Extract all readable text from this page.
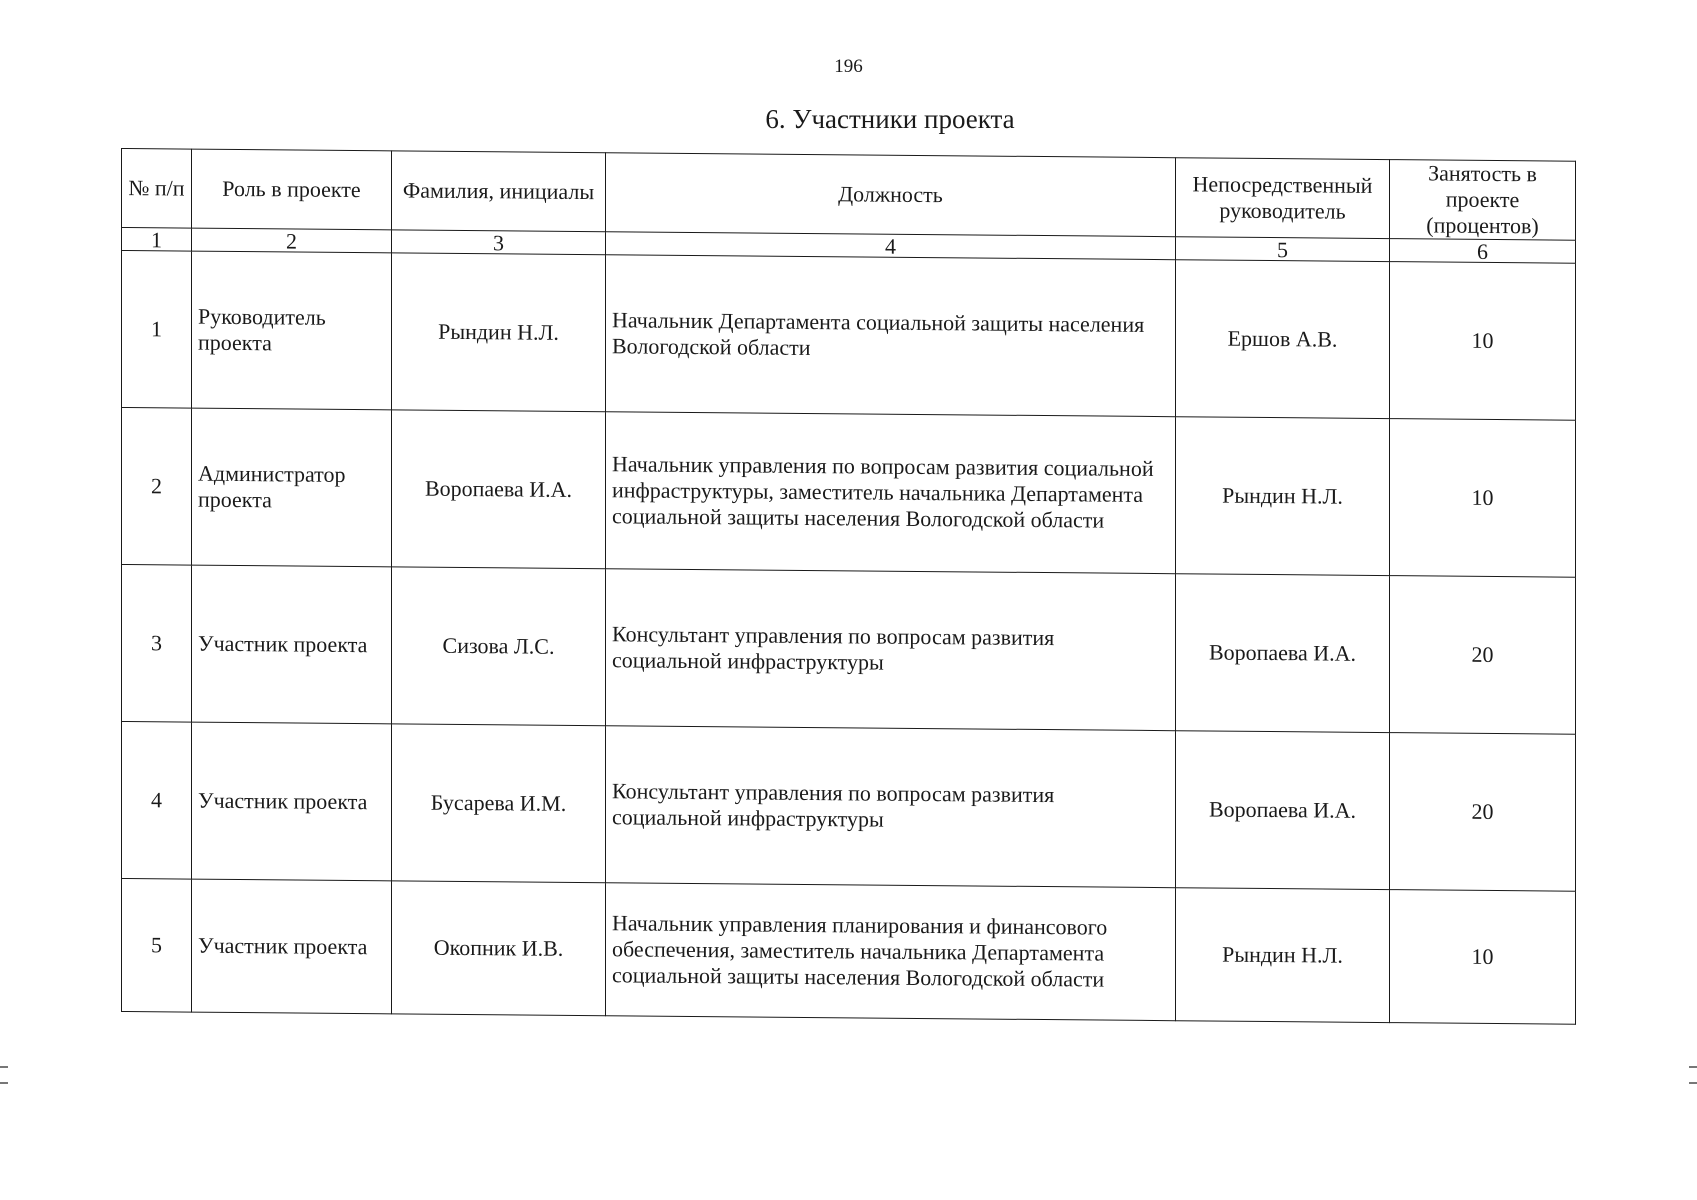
196
6. Участники проекта
№ п/п	Роль в проекте	Фамилия, инициалы	Должность	Непосредственный руководитель	Занятость в проекте (процентов)
1	2	3	4	5	6
1	Руководитель проекта	Рындин Н.Л.	Начальник Департамента социальной защиты населения Вологодской области	Ершов А.В.	10
2	Администратор проекта	Воропаева И.А.	Начальник управления по вопросам развития социальной инфраструктуры, заместитель начальника Департамента социальной защиты населения Вологодской области	Рындин Н.Л.	10
3	Участник проекта	Сизова Л.С.	Консультант управления по вопросам развития социальной инфраструктуры	Воропаева И.А.	20
4	Участник проекта	Бусарева И.М.	Консультант управления по вопросам развития социальной инфраструктуры	Воропаева И.А.	20
5	Участник проекта	Окопник И.В.	Начальник управления планирования и финансового обеспечения, заместитель начальника Департамента социальной защиты населения Вологодской области	Рындин Н.Л.	10
